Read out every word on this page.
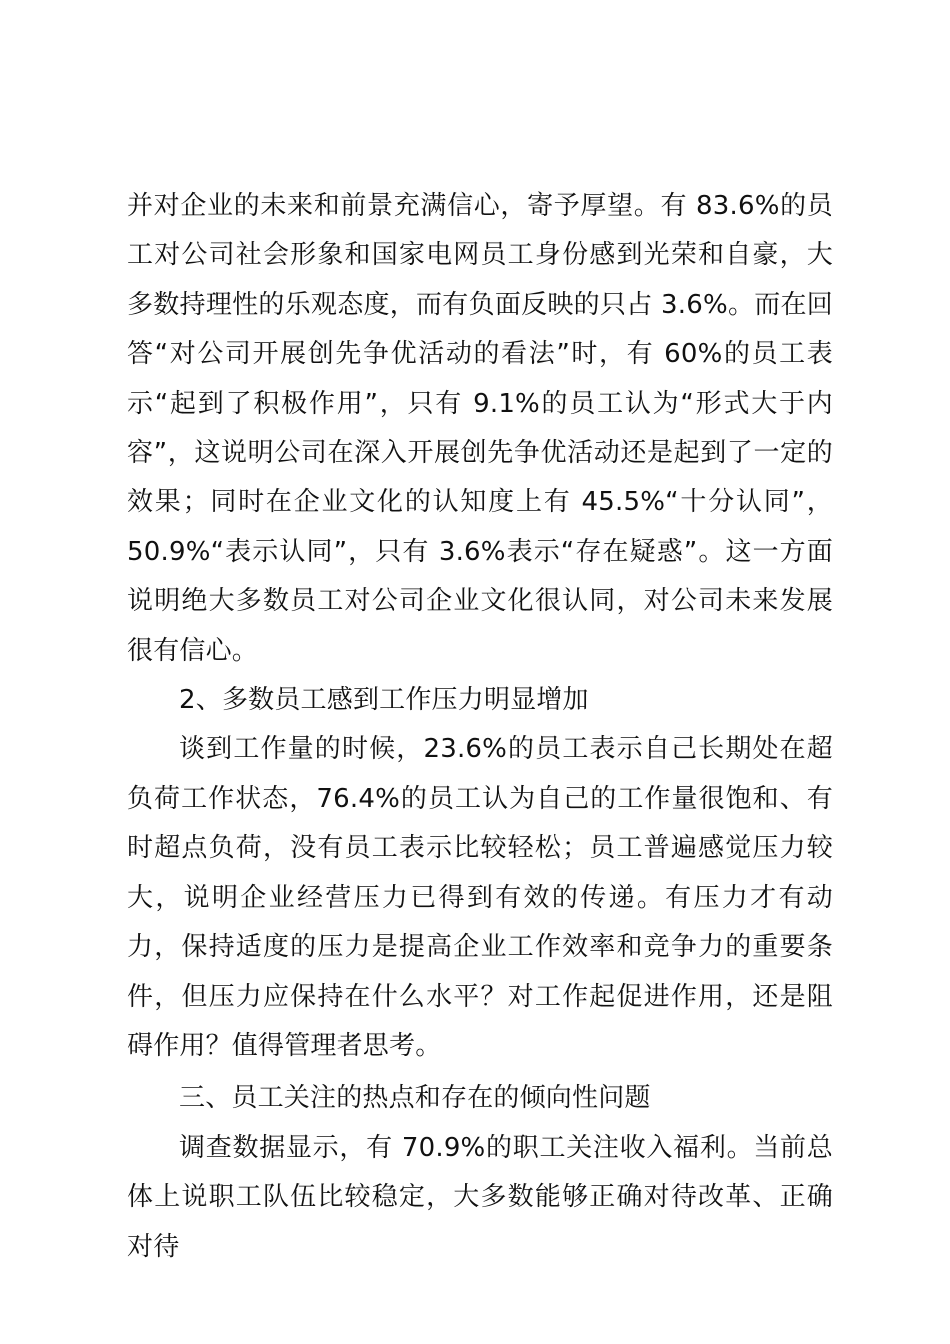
并对企业的未来和前景充满信心，寄予厚望。有 83.6%的员工对公司社会形象和国家电网员工身份感到光荣和自豪，大多数持理性的乐观态度，而有负面反映的只占 3.6%。而在回答“对公司开展创先争优活动的看法”时，有 60%的员工表示“起到了积极作用”，只有 9.1%的员工认为“形式大于内容”，这说明公司在深入开展创先争优活动还是起到了一定的效果；同时在企业文化的认知度上有 45.5%“十分认同”，50.9%“表示认同”，只有 3.6%表示“存在疑惑”。这一方面说明绝大多数员工对公司企业文化很认同，对公司未来发展很有信心。

2、多数员工感到工作压力明显增加

谈到工作量的时候，23.6%的员工表示自己长期处在超负荷工作状态，76.4%的员工认为自己的工作量很饱和、有时超点负荷，没有员工表示比较轻松；员工普遍感觉压力较大，说明企业经营压力已得到有效的传递。有压力才有动力，保持适度的压力是提高企业工作效率和竞争力的重要条件，但压力应保持在什么水平？对工作起促进作用，还是阻碍作用？值得管理者思考。

三、员工关注的热点和存在的倾向性问题

调查数据显示，有 70.9%的职工关注收入福利。当前总体上说职工队伍比较稳定，大多数能够正确对待改革、正确对待
